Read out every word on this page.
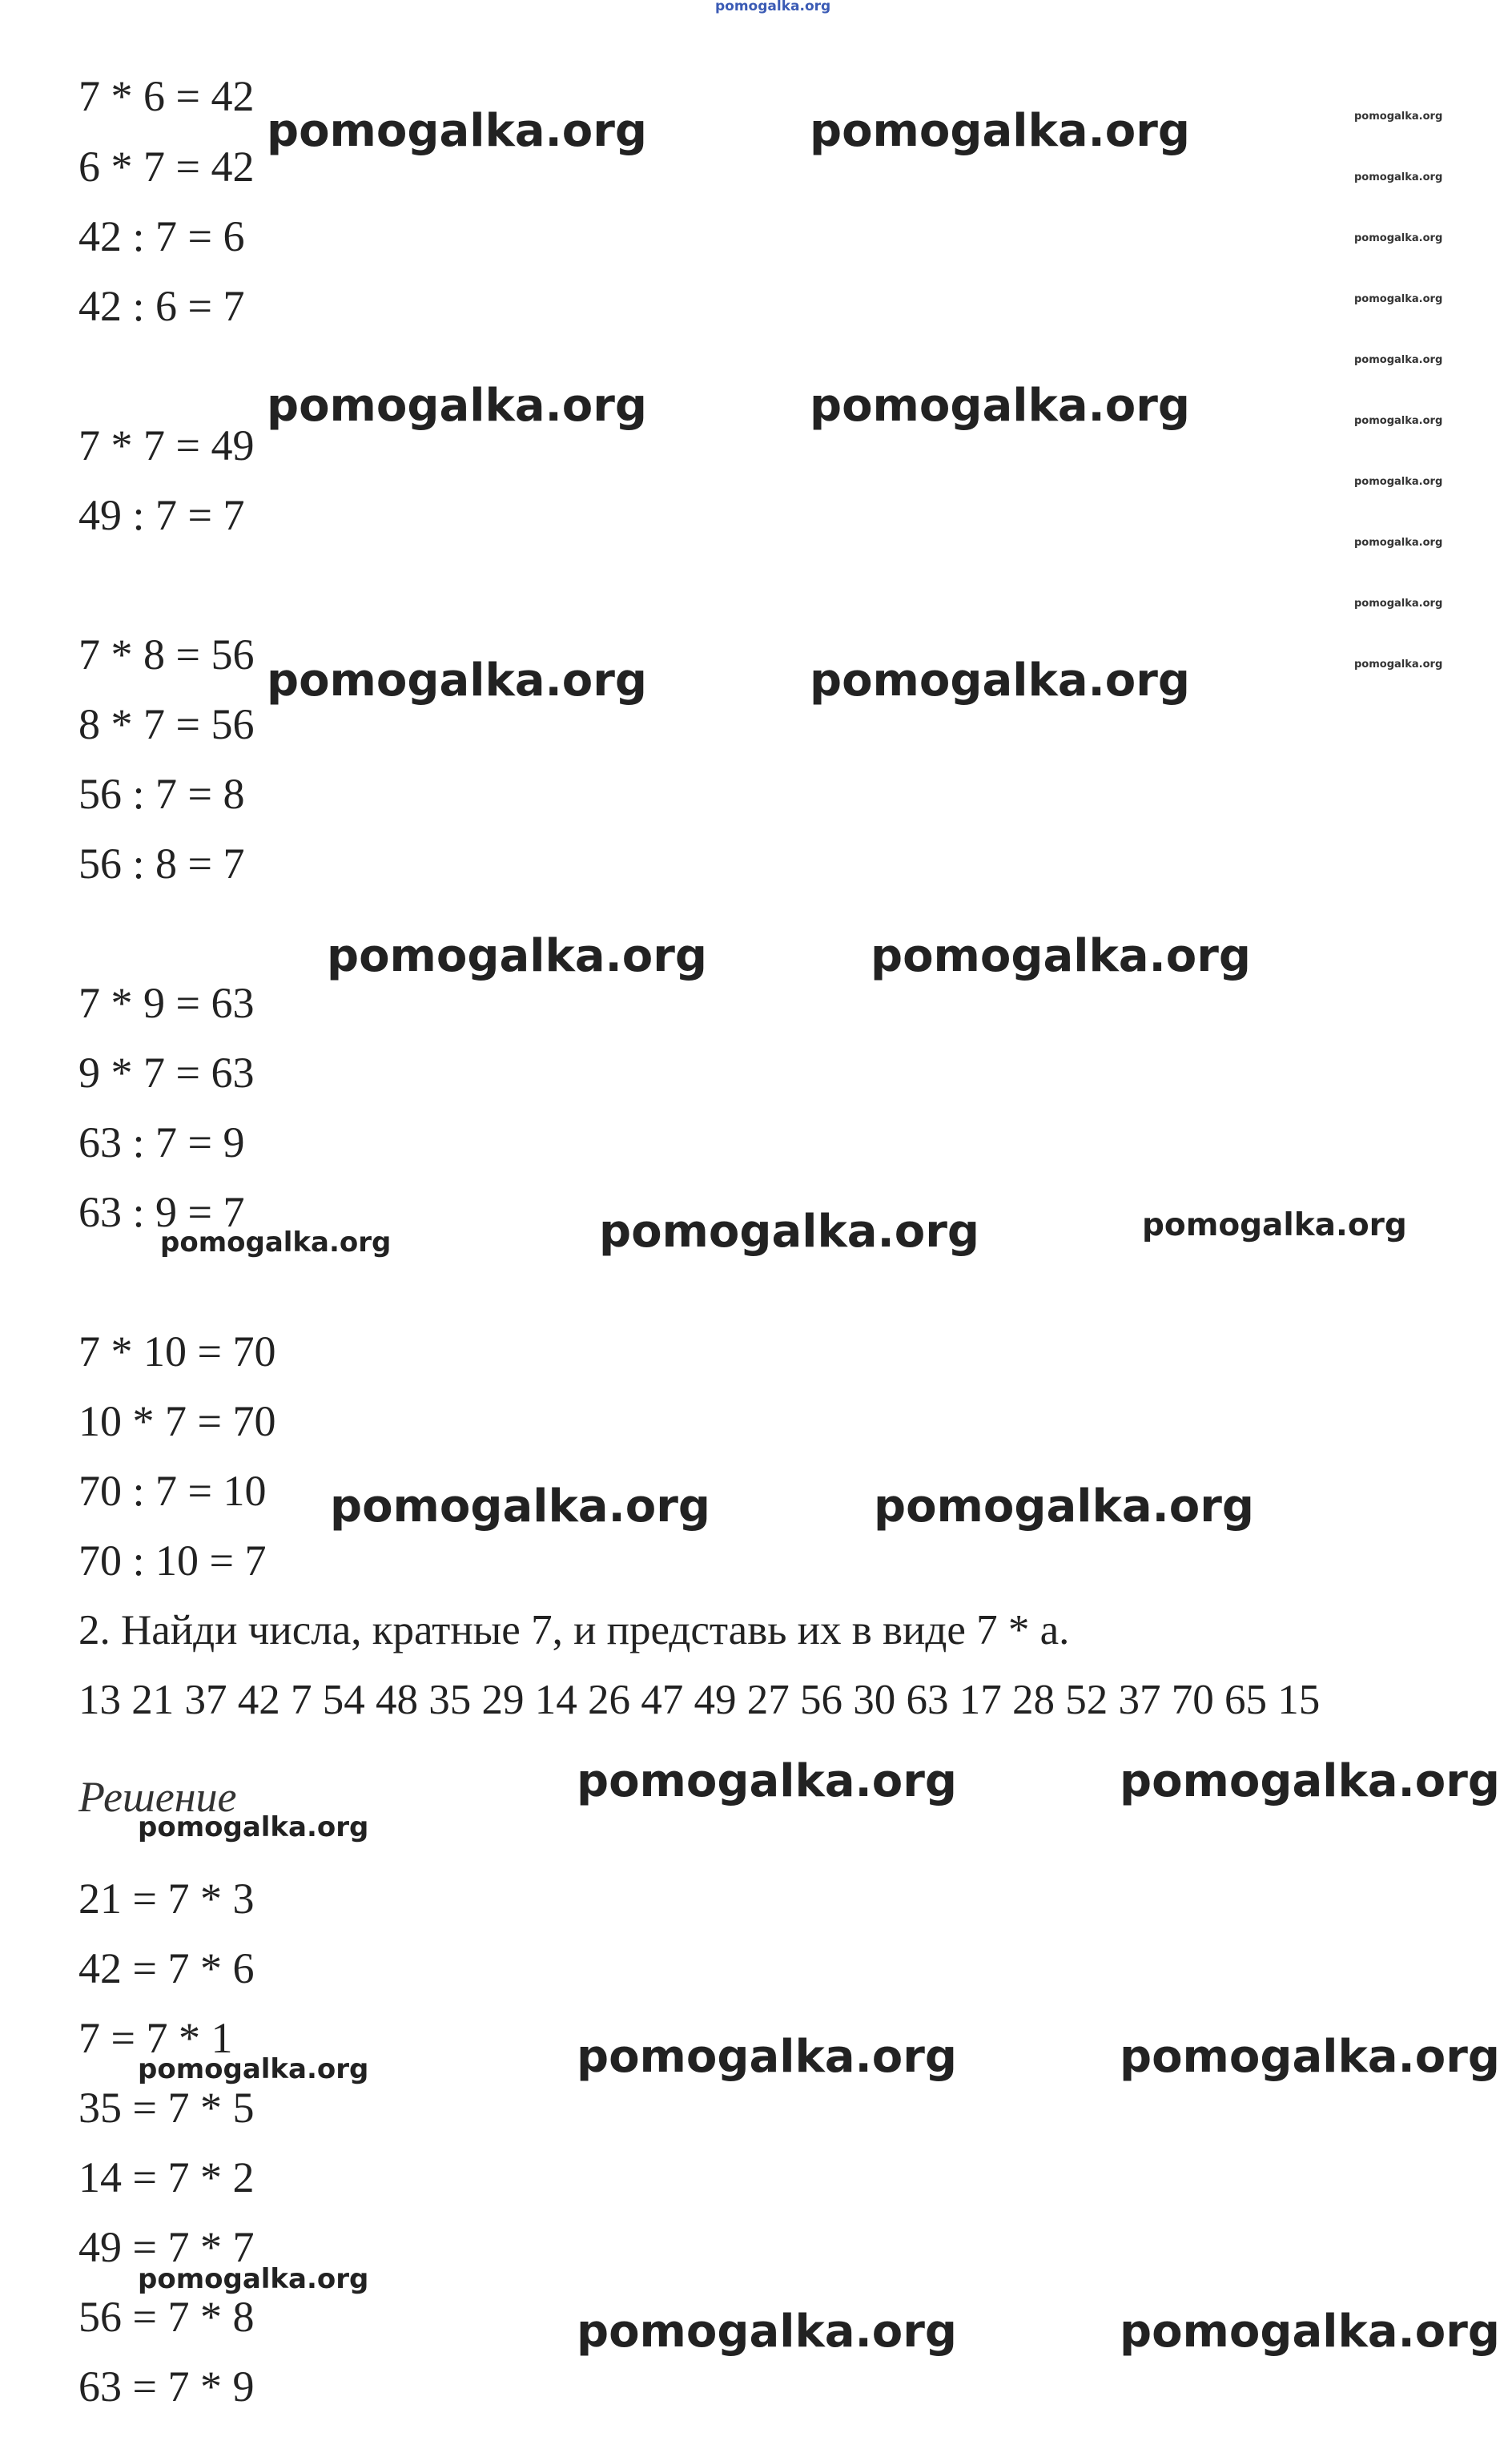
pomogalka.org
7 * 6 = 42
6 * 7 = 42
42 : 7 = 6
42 : 6 = 7
7 * 7 = 49
49 : 7 = 7
7 * 8 = 56
8 * 7 = 56
56 : 7 = 8
56 : 8 = 7
7 * 9 = 63
9 * 7 = 63
63 : 7 = 9
63 : 9 = 7
7 * 10 = 70
10 * 7 = 70
70 : 7 = 10
70 : 10 = 7
2. Найди числа, кратные 7, и представь их в виде 7 * а.
13 21 37 42 7 54 48 35 29 14 26 47 49 27 56 30 63 17 28 52 37 70 65 15
Решение
21 = 7 * 3
42 = 7 * 6
7 = 7 * 1
35 = 7 * 5
14 = 7 * 2
49 = 7 * 7
56 = 7 * 8
63 = 7 * 9
pomogalka.org	pomogalka.org
pomogalka.org	pomogalka.org
pomogalka.org	pomogalka.org
pomogalka.org	pomogalka.org
pomogalka.org
pomogalka.org	pomogalka.org
pomogalka.org	pomogalka.org
pomogalka.org	pomogalka.org
pomogalka.org	pomogalka.org
pomogalka.org
pomogalka.org
pomogalka.org
pomogalka.org
pomogalka.org
pomogalka.org
pomogalka.org
pomogalka.org
pomogalka.org
pomogalka.org
pomogalka.org
pomogalka.org
pomogalka.org
pomogalka.org
pomogalka.org
